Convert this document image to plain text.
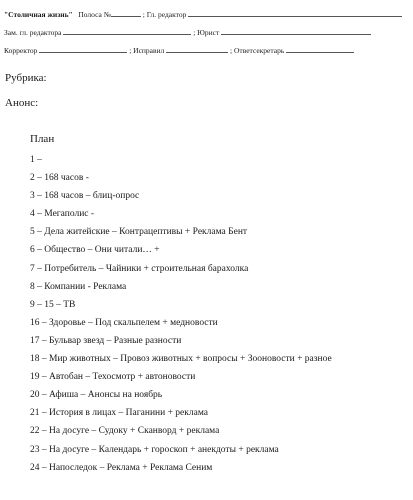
"Столичная жизнь" Полоса №	; Гл. редактор
Зам. гл. редактора	; Юрист
Корректор	; Исправил	; Ответсекретарь
Рубрика:
Анонс:
План
1 –
2 – 168 часов -
3 – 168 часов – блиц-опрос
4 – Мегаполис -
5 – Дела житейские – Контрацептивы + Реклама Бент
6 – Общество – Они читали… +
7 – Потребитель – Чайники + строительная барахолка
8 – Компании - Реклама
9 – 15 – ТВ
16 – Здоровье – Под скальпелем + медновости
17 – Бульвар звезд – Разные разности
18 – Мир животных – Провоз животных + вопросы + Зооновости + разное
19 – Автобан – Техосмотр + автоновости
20 – Афиша – Анонсы на ноябрь
21 – История в лицах – Паганини + реклама
22 – На досуге – Судоку + Сканворд + реклама
23 – На досуге – Календарь + гороскоп + анекдоты + реклама
24 – Напоследок – Реклама + Реклама Сеним
